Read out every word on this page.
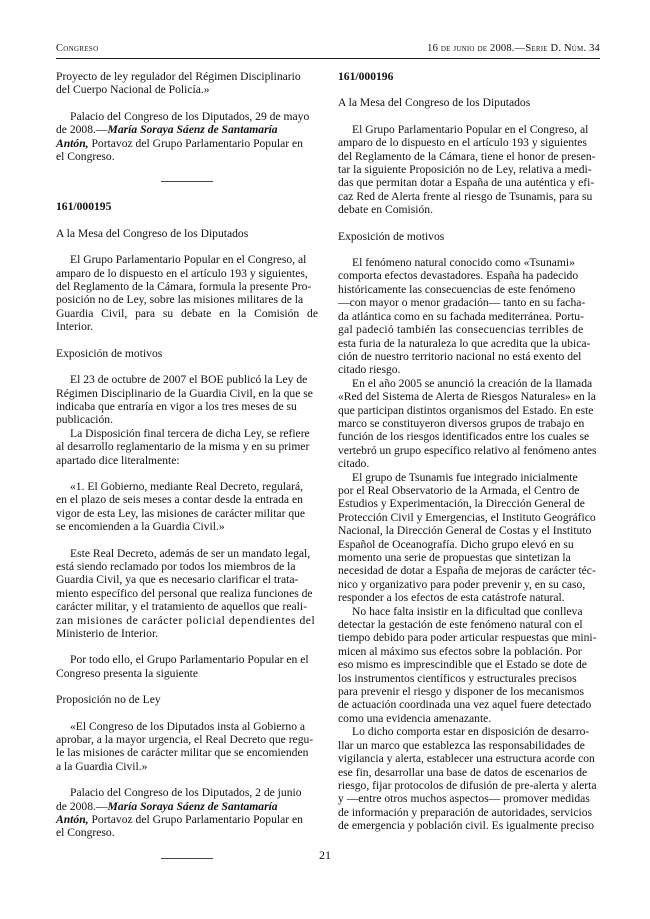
Congreso	16 de junio de 2008.—Serie D. Núm. 34

Proyecto de ley regulador del Régimen Disciplinario
del Cuerpo Nacional de Policía.»

Palacio del Congreso de los Diputados, 29 de mayo
de 2008.—María Soraya Sáenz de Santamaría
Antón, Portavoz del Grupo Parlamentario Popular en
el Congreso.

161/000195

A la Mesa del Congreso de los Diputados

El Grupo Parlamentario Popular en el Congreso, al
amparo de lo dispuesto en el artículo 193 y siguientes,
del Reglamento de la Cámara, formula la presente Pro-
posición no de Ley, sobre las misiones militares de la
Guardia Civil, para su debate en la Comisión de Interior.

Exposición de motivos

El 23 de octubre de 2007 el BOE publicó la Ley de
Régimen Disciplinario de la Guardia Civil, en la que se
indicaba que entraría en vigor a los tres meses de su
publicación.

La Disposición final tercera de dicha Ley, se refiere
al desarrollo reglamentario de la misma y en su primer
apartado dice literalmente:

«1. El Gobierno, mediante Real Decreto, regulará,
en el plazo de seis meses a contar desde la entrada en
vigor de esta Ley, las misiones de carácter militar que
se encomienden a la Guardia Civil.»

Este Real Decreto, además de ser un mandato legal,
está siendo reclamado por todos los miembros de la
Guardia Civil, ya que es necesario clarificar el trata-
miento específico del personal que realiza funciones de
carácter militar, y el tratamiento de aquellos que reali-
zan misiones de carácter policial dependientes del
Ministerio de Interior.

Por todo ello, el Grupo Parlamentario Popular en el
Congreso presenta la siguiente

Proposición no de Ley

«El Congreso de los Diputados insta al Gobierno a
aprobar, a la mayor urgencia, el Real Decreto que regu-
le las misiones de carácter militar que se encomienden
a la Guardia Civil.»

Palacio del Congreso de los Diputados, 2 de junio
de 2008.—María Soraya Sáenz de Santamaría
Antón, Portavoz del Grupo Parlamentario Popular en
el Congreso.

161/000196

A la Mesa del Congreso de los Diputados

El Grupo Parlamentario Popular en el Congreso, al
amparo de lo dispuesto en el artículo 193 y siguientes
del Reglamento de la Cámara, tiene el honor de presen-
tar la siguiente Proposición no de Ley, relativa a medi-
das que permitan dotar a España de una auténtica y efi-
caz Red de Alerta frente al riesgo de Tsunamis, para su
debate en Comisión.

Exposición de motivos

El fenómeno natural conocido como «Tsunami»
comporta efectos devastadores. España ha padecido
históricamente las consecuencias de este fenómeno
—con mayor o menor gradación— tanto en su facha-
da atlántica como en su fachada mediterránea. Portu-
gal padeció también las consecuencias terribles de
esta furia de la naturaleza lo que acredita que la ubica-
ción de nuestro territorio nacional no está exento del
citado riesgo.

En el año 2005 se anunció la creación de la llamada
«Red del Sistema de Alerta de Riesgos Naturales» en la
que participan distintos organismos del Estado. En este
marco se constituyeron diversos grupos de trabajo en
función de los riesgos identificados entre los cuales se
vertebró un grupo específico relativo al fenómeno antes
citado.

El grupo de Tsunamis fue integrado inicialmente
por el Real Observatorio de la Armada, el Centro de
Estudios y Experimentación, la Dirección General de
Protección Civil y Emergencias, el Instituto Geográfico
Nacional, la Dirección General de Costas y el Instituto
Español de Oceanografía. Dicho grupo elevó en su
momento una serie de propuestas que sintetizan la
necesidad de dotar a España de mejoras de carácter téc-
nico y organizativo para poder prevenir y, en su caso,
responder a los efectos de esta catástrofe natural.

No hace falta insistir en la dificultad que conlleva
detectar la gestación de este fenómeno natural con el
tiempo debido para poder articular respuestas que mini-
micen al máximo sus efectos sobre la población. Por
eso mismo es imprescindible que el Estado se dote de
los instrumentos científicos y estructurales precisos
para prevenir el riesgo y disponer de los mecanismos
de actuación coordinada una vez aquel fuere detectado
como una evidencia amenazante.

Lo dicho comporta estar en disposición de desarro-
llar un marco que establezca las responsabilidades de
vigilancia y alerta, establecer una estructura acorde con
ese fin, desarrollar una base de datos de escenarios de
riesgo, fijar protocolos de difusión de pre-alerta y alerta
y —entre otros muchos aspectos— promover medidas
de información y preparación de autoridades, servicios
de emergencia y población civil. Es igualmente preciso

21
